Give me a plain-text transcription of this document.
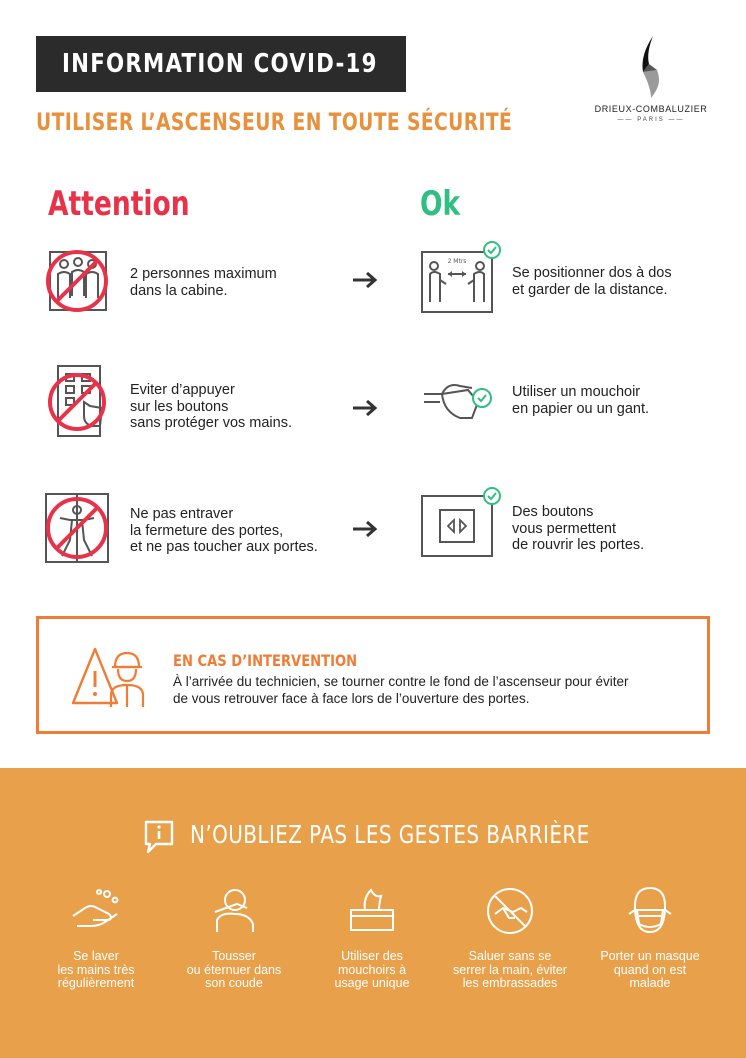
INFORMATION COVID-19
UTILISER L’ASCENSEUR EN TOUTE SÉCURITÉ	DRIEUX-COMBALUZIER
—— PARIS ——
Attention	Ok
2 personnes maximum
dans la cabine.
2 Mtrs
Se positionner dos à dos
et garder de la distance.
Eviter d’appuyer
sur les boutons
sans protéger vos mains.
Utiliser un mouchoir
en papier ou un gant.
Ne pas entraver
la fermeture des portes,
et ne pas toucher aux portes.
Des boutons
vous permettent
de rouvrir les portes.
EN CAS D’INTERVENTION
À l’arrivée du technicien, se tourner contre le fond de l’ascenseur pour éviter
de vous retrouver face à face lors de l’ouverture des portes.
N’OUBLIEZ PAS LES GESTES BARRIÈRE
Se laver
les mains très
régulièrement
Tousser
ou éternuer dans
son coude
Utiliser des
mouchoirs à
usage unique
Saluer sans se
serrer la main, éviter
les embrassades
Porter un masque
quand on est
malade
